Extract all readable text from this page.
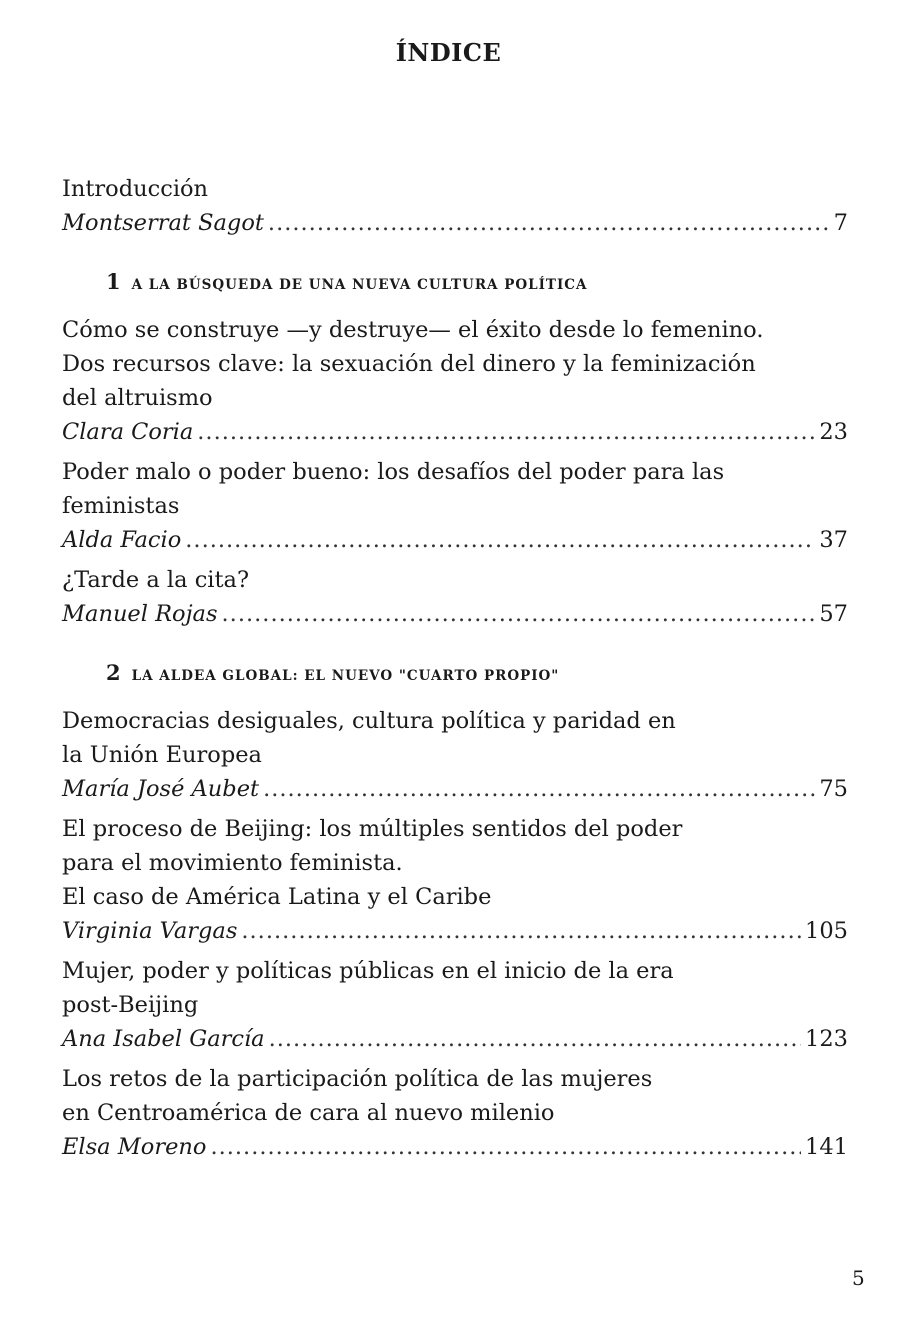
ÍNDICE
Introducción
Montserrat Sagot .....	7
1 A LA BÚSQUEDA DE UNA NUEVA CULTURA POLÍTICA
Cómo se construye —y destruye— el éxito desde lo femenino.
Dos recursos clave: la sexuación del dinero y la feminización
del altruismo
Clara Coria .....	23
Poder malo o poder bueno: los desafíos del poder para las
feministas
Alda Facio .....	37
¿Tarde a la cita?
Manuel Rojas .....	57
2 LA ALDEA GLOBAL: EL NUEVO "CUARTO PROPIO"
Democracias desiguales, cultura política y paridad en
la Unión Europea
María José Aubet .....	75
El proceso de Beijing: los múltiples sentidos del poder
para el movimiento feminista.
El caso de América Latina y el Caribe
Virginia Vargas .....	105
Mujer, poder y políticas públicas en el inicio de la era
post-Beijing
Ana Isabel García .....	123
Los retos de la participación política de las mujeres
en Centroamérica de cara al nuevo milenio
Elsa Moreno .....	141
5
